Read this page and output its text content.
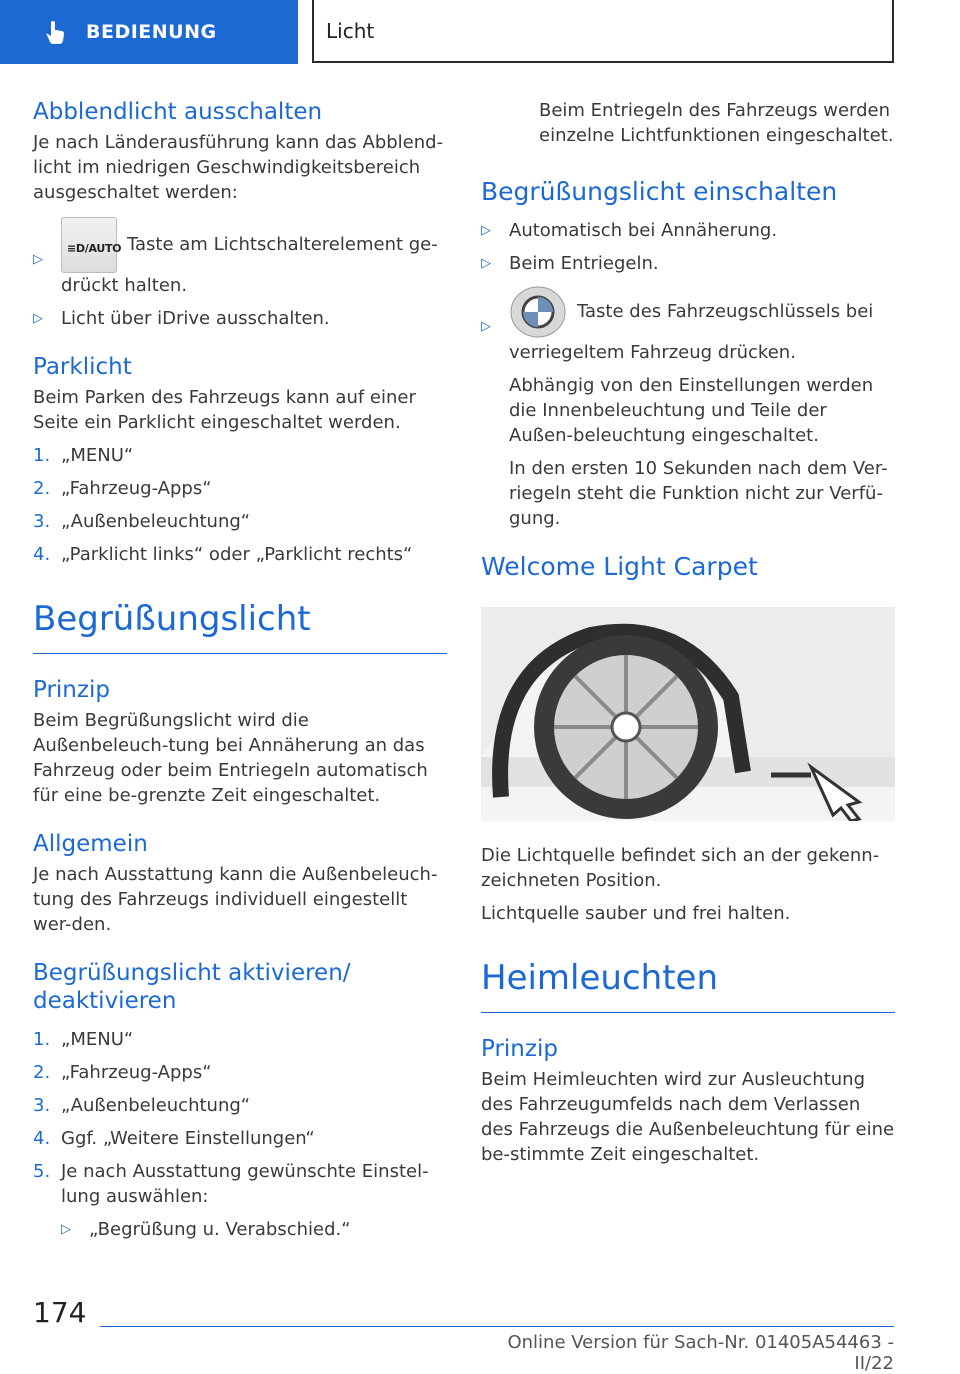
BEDIENUNG	Licht
Abblendlicht ausschalten

Je nach Länderausführung kann das Abblend-licht im niedrigen Geschwindigkeitsbereich ausgeschaltet werden:

▷
≡D/AUTO Taste am Lichtschalterelement ge-drückt halten.
▷	Licht über iDrive ausschalten.
Parklicht

Beim Parken des Fahrzeugs kann auf einer Seite ein Parklicht eingeschaltet werden.

1. „MENU“
2. „Fahrzeug-Apps“
3. „Außenbeleuchtung“
4. „Parklicht links“ oder „Parklicht rechts“
Begrüßungslicht
Prinzip

Beim Begrüßungslicht wird die Außenbeleuch-tung bei Annäherung an das Fahrzeug oder beim Entriegeln automatisch für eine be-grenzte Zeit eingeschaltet.

Allgemein

Je nach Ausstattung kann die Außenbeleuch-tung des Fahrzeugs individuell eingestellt wer-den.

Begrüßungslicht aktivieren/ deaktivieren
1. „MENU“
2. „Fahrzeug-Apps“
3. „Außenbeleuchtung“
4. Ggf. „Weitere Einstellungen“
5. Je nach Ausstattung gewünschte Einstel-lung auswählen:
▷	„Begrüßung u. Verabschied.“

Beim Entriegeln des Fahrzeugs werden einzelne Lichtfunktionen eingeschaltet.

Begrüßungslicht einschalten
▷	Automatisch bei Annäherung.
▷	Beim Entriegeln.
▷
Taste des Fahrzeugschlüssels bei verriegeltem Fahrzeug drücken.

Abhängig von den Einstellungen werden die Innenbeleuchtung und Teile der Außen-beleuchtung eingeschaltet.

In den ersten 10 Sekunden nach dem Ver-riegeln steht die Funktion nicht zur Verfü-gung.

Welcome Light Carpet

Die Lichtquelle befindet sich an der gekenn-zeichneten Position.

Lichtquelle sauber und frei halten.

Heimleuchten
Prinzip

Beim Heimleuchten wird zur Ausleuchtung des Fahrzeugumfelds nach dem Verlassen des Fahrzeugs die Außenbeleuchtung für eine be-stimmte Zeit eingeschaltet.

174
Online Version für Sach-Nr. 01405A54463 - II/22
